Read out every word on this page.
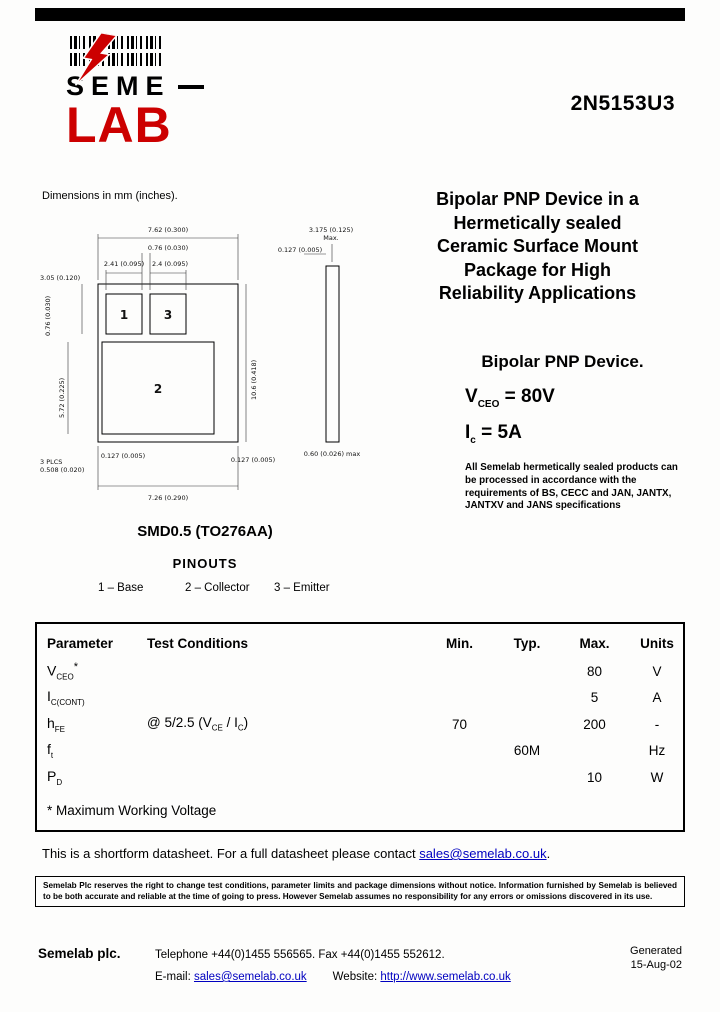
SEME
LAB	2N5153U3
Dimensions in mm (inches).
7.62 (0.300)
0.76 (0.030)
2.41 (0.095) 2.4 (0.095)
3.05 (0.120)
0.76 (0.030)
5.72 (0.225)	10.6 (0.418)
0.127 (0.005)
3 PLCS
0.508 (0.020)
0.127 (0.005)
7.26 (0.290)
3.175 (0.125)
Max.
0.127 (0.005)
0.60 (0.026) max
1	3
2
SMD0.5 (TO276AA)
PINOUTS
1 – Base	2 – Collector 3 – Emitter
Bipolar PNP Device in a
Hermetically sealed
Ceramic Surface Mount
Package for High
Reliability Applications
Bipolar PNP Device.
$V_{CEO} = 80V$
$I_c = 5A$
All Semelab hermetically sealed products can be processed in accordance with the requirements of BS, CECC and JAN, JANTX, JANTXV and JANS specifications
Parameter	Test Conditions	Min.	Typ.	Max.	Units
$V_{CEO}^*$				80	V
$I_{C(CONT)}$				5	A
$h_{FE}$	@ 5/2.5 $(V_{CE} / I_C)$	70		200	-
$f_t$			60M		Hz
$P_D$				10	W
* Maximum Working Voltage

This is a shortform datasheet. For a full datasheet please contact sales@semelab.co.uk.

Semelab Plc reserves the right to change test conditions, parameter limits and package dimensions without notice. Information furnished by Semelab is believed to be both accurate and reliable at the time of going to press. However Semelab assumes no responsibility for any errors or omissions discovered in its use.
Semelab plc.	Telephone +44(0)1455 556565. Fax +44(0)1455 552612.
E-mail: sales@semelab.co.uk Website: http://www.semelab.co.uk
Generated
15-Aug-02
